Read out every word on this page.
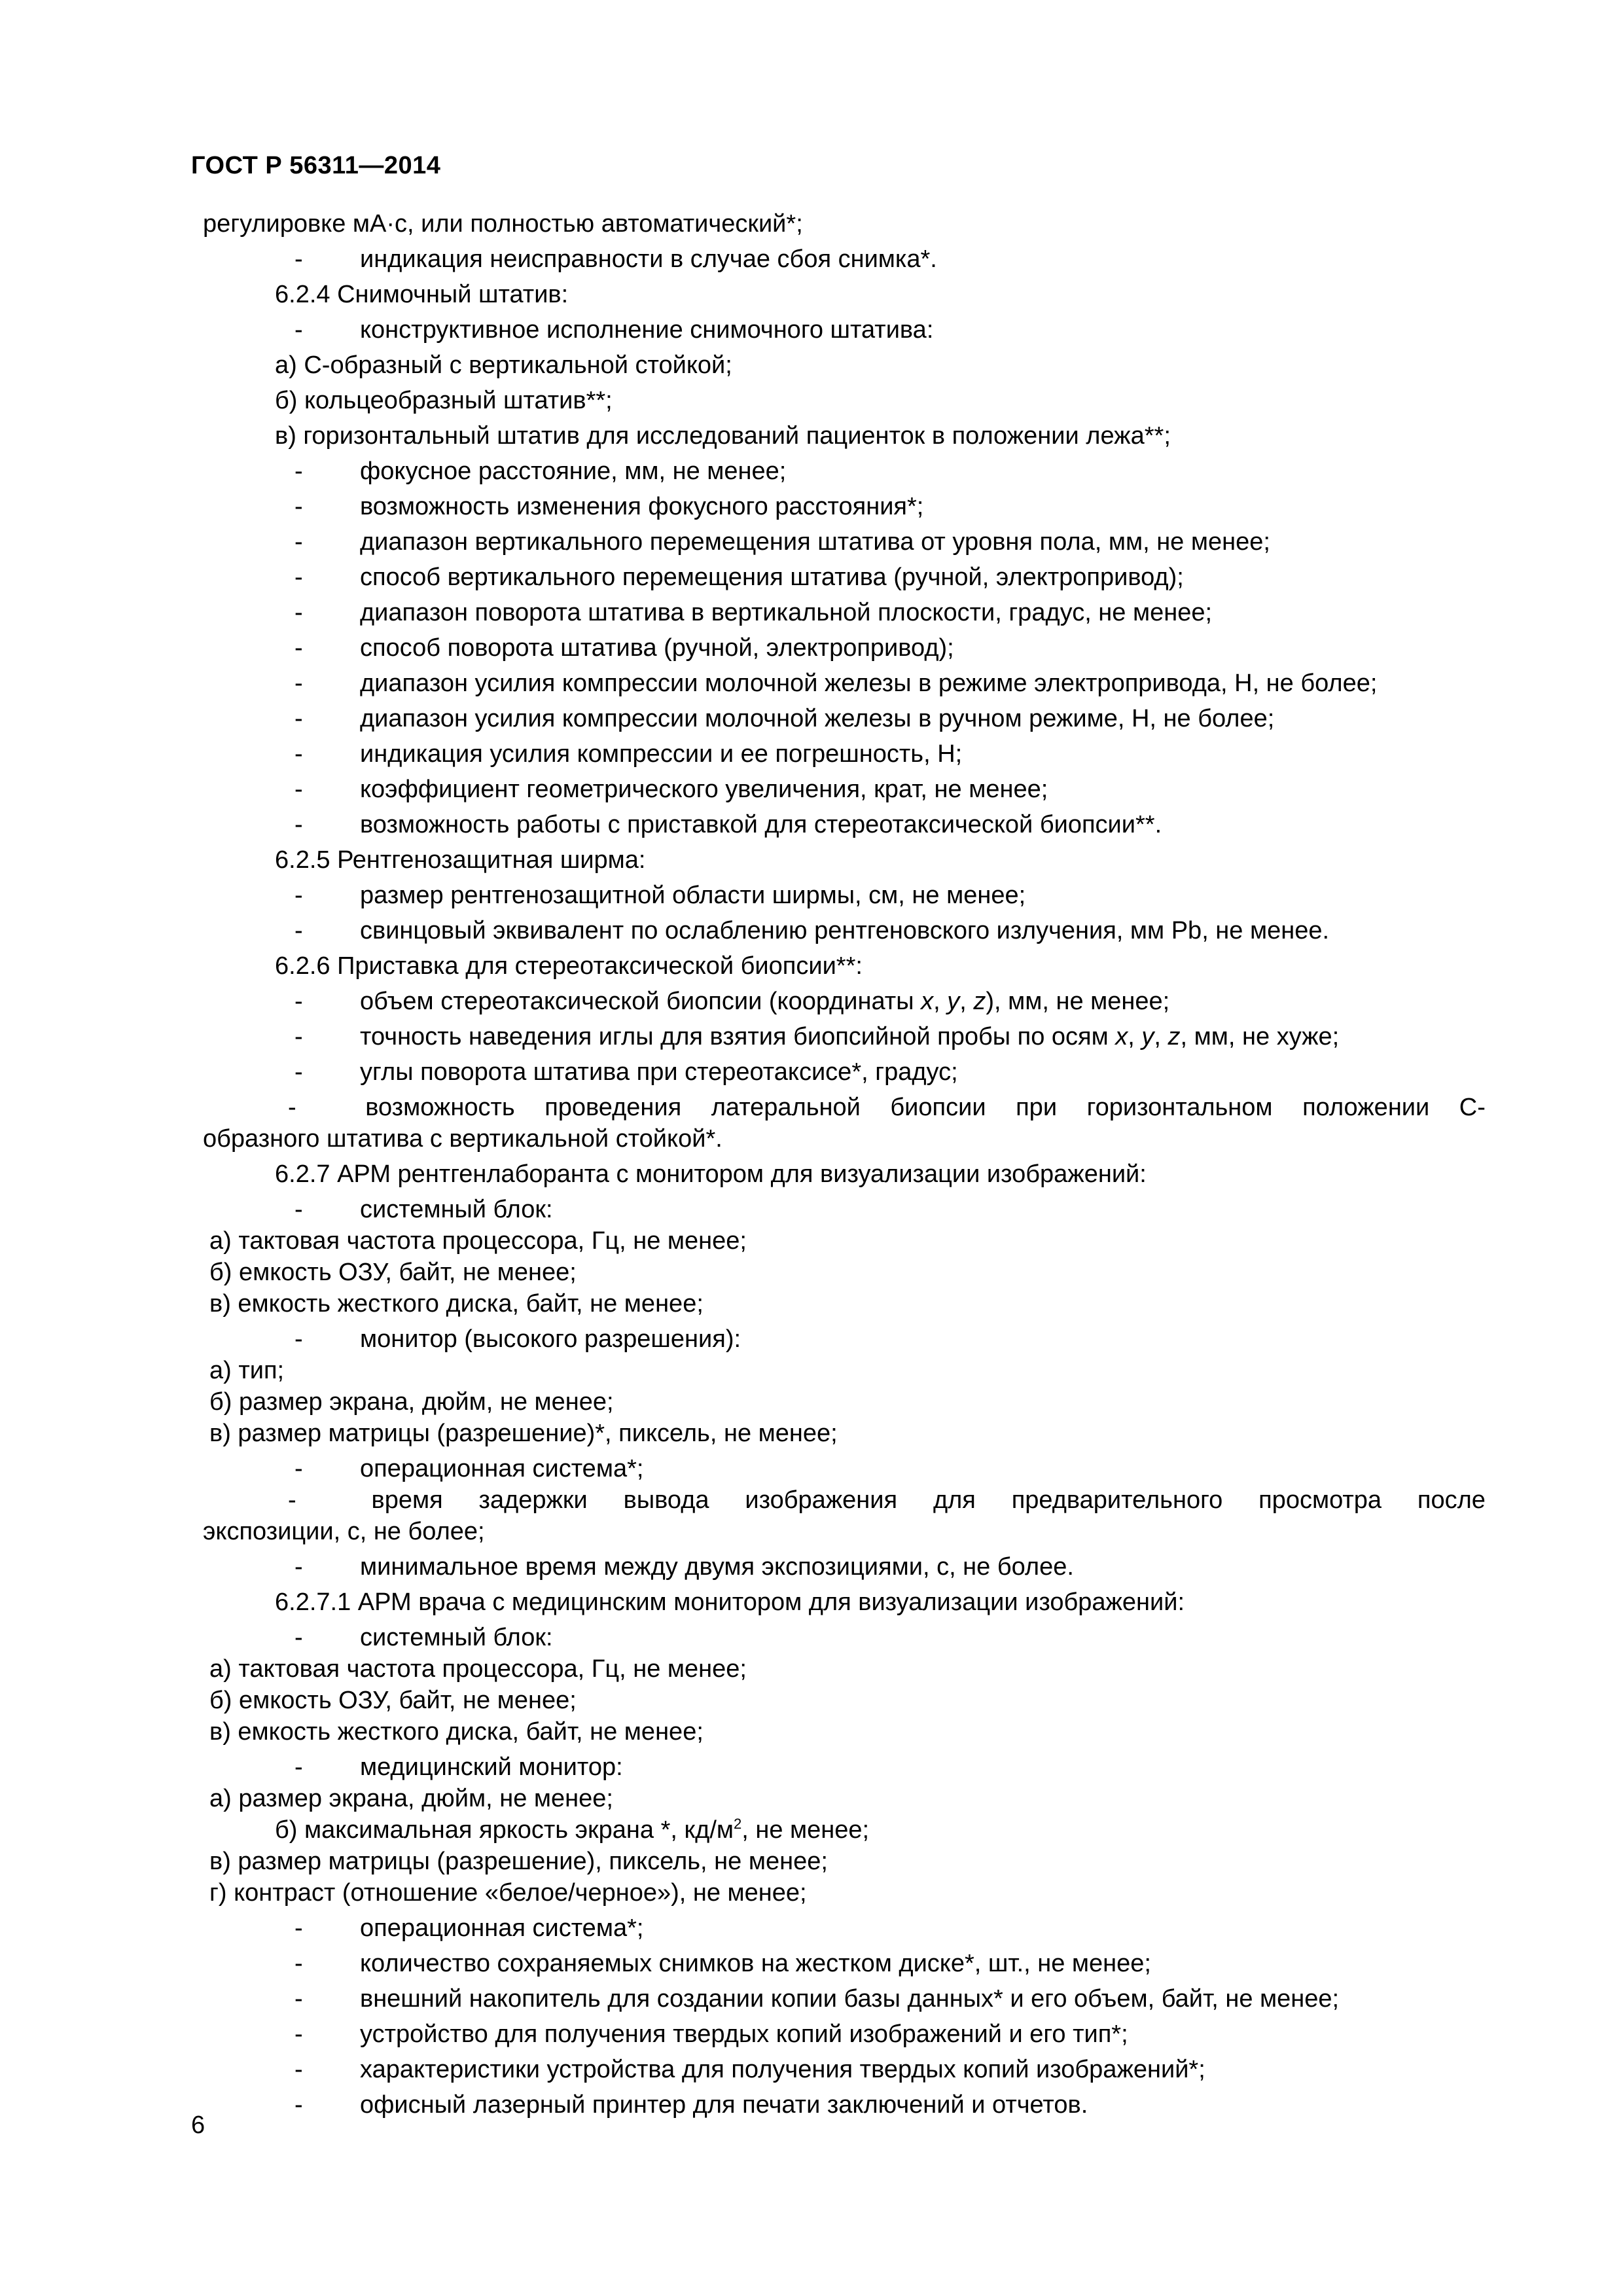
ГОСТ Р 56311—2014
регулировке мА·с, или полностью автоматический*;
-	индикация неисправности в случае сбоя снимка*.
6.2.4 Снимочный штатив:
-	конструктивное исполнение снимочного штатива:
а) С-образный с вертикальной стойкой;
б) кольцеобразный штатив**;
в) горизонтальный штатив для исследований пациенток в положении лежа**;
-	фокусное расстояние, мм, не менее;
-	возможность изменения фокусного расстояния*;
-	диапазон вертикального перемещения штатива от уровня пола, мм, не менее;
-	способ вертикального перемещения штатива (ручной, электропривод);
-	диапазон поворота штатива в вертикальной плоскости, градус, не менее;
-	способ поворота штатива (ручной, электропривод);
-	диапазон усилия компрессии молочной железы в режиме электропривода, Н, не более;
-	диапазон усилия компрессии молочной железы в ручном режиме, Н, не более;
-	индикация усилия компрессии и ее погрешность, Н;
-	коэффициент геометрического увеличения, крат, не менее;
-	возможность работы с приставкой для стереотаксической биопсии**.
6.2.5 Рентгенозащитная ширма:
-	размер рентгенозащитной области ширмы, см, не менее;
-	свинцовый эквивалент по ослаблению рентгеновского излучения, мм Pb, не менее.
6.2.6 Приставка для стереотаксической биопсии**:
-	объем стереотаксической биопсии (координаты x, y, z), мм, не менее;
-	точность наведения иглы для взятия биопсийной пробы по осям x, y, z, мм, не хуже;
-	углы поворота штатива при стереотаксисе*, градус;
-	возможность проведения латеральной биопсии при горизонтальном положении С-
образного штатива с вертикальной стойкой*.
6.2.7 АРМ рентгенлаборанта с монитором для визуализации изображений:
-	системный блок:
а) тактовая частота процессора, Гц, не менее;
б) емкость ОЗУ, байт, не менее;
в) емкость жесткого диска, байт, не менее;
-	монитор (высокого разрешения):
а) тип;
б) размер экрана, дюйм, не менее;
в) размер матрицы (разрешение)*, пиксель, не менее;
-	операционная система*;
-	время задержки вывода изображения для предварительного просмотра после
экспозиции, с, не более;
-	минимальное время между двумя экспозициями, с, не более.
6.2.7.1 АРМ врача с медицинским монитором для визуализации изображений:
-	системный блок:
а) тактовая частота процессора, Гц, не менее;
б) емкость ОЗУ, байт, не менее;
в) емкость жесткого диска, байт, не менее;
-	медицинский монитор:
а) размер экрана, дюйм, не менее;
б) максимальная яркость экрана *, $кд/м^2$, не менее;
в) размер матрицы (разрешение), пиксель, не менее;
г) контраст (отношение «белое/черное»), не менее;
-	операционная система*;
-	количество сохраняемых снимков на жестком диске*, шт., не менее;
-	внешний накопитель для создании копии базы данных* и его объем, байт, не менее;
-	устройство для получения твердых копий изображений и его тип*;
-	характеристики устройства для получения твердых копий изображений*;
-	офисный лазерный принтер для печати заключений и отчетов.
6
